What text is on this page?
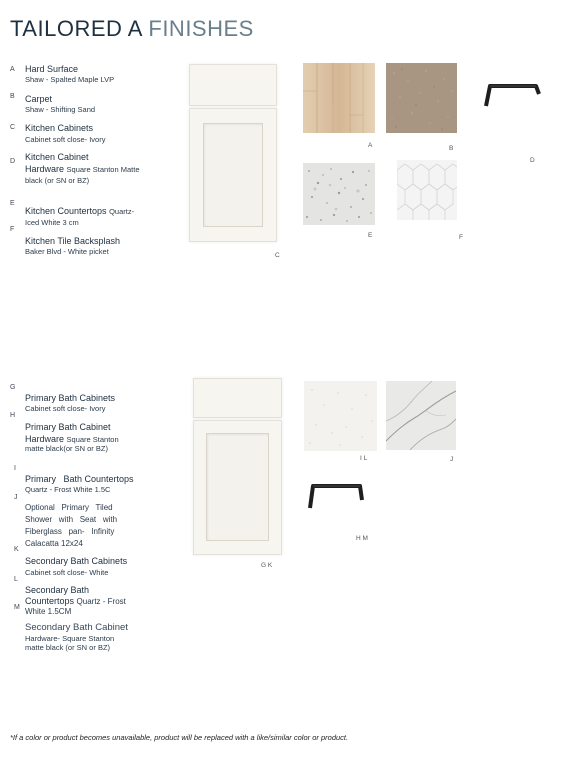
TAILORED A FINISHES
A Hard Surface
Shaw - Spalted Maple LVP
B Carpet
Shaw - Shifting Sand
C Kitchen Cabinets
Cabinet soft close- Ivory
D Kitchen Cabinet
Hardware Square Stanton Matte
black (or SN or BZ)
E
Kitchen Countertops Quartz-
Iced White 3 cm
F
Kitchen Tile Backsplash
Baker Blvd - White picket	C
A	B
D
E	F
G
Primary Bath Cabinets
Cabinet soft close- Ivory
H
Primary Bath Cabinet
Hardware Square Stanton
matte black(or SN or BZ)
I
Primary   Bath Countertops
Quartz - Frost White 1.5C
J
Optional   Primary   Tiled
Shower   with   Seat   with
Fiberglass   pan-   Infinity
Calacatta 12x24
K
Secondary Bath Cabinets
Cabinet soft close- White
L
Secondary Bath
Countertops Quartz - Frost
White 1.5CM
M
Secondary Bath Cabinet
Hardware- Square Stanton
matte black (or SN or BZ)
G K
I L	J
H M
*If a color or product becomes unavailable, product will be replaced with a like/similar color or product.
